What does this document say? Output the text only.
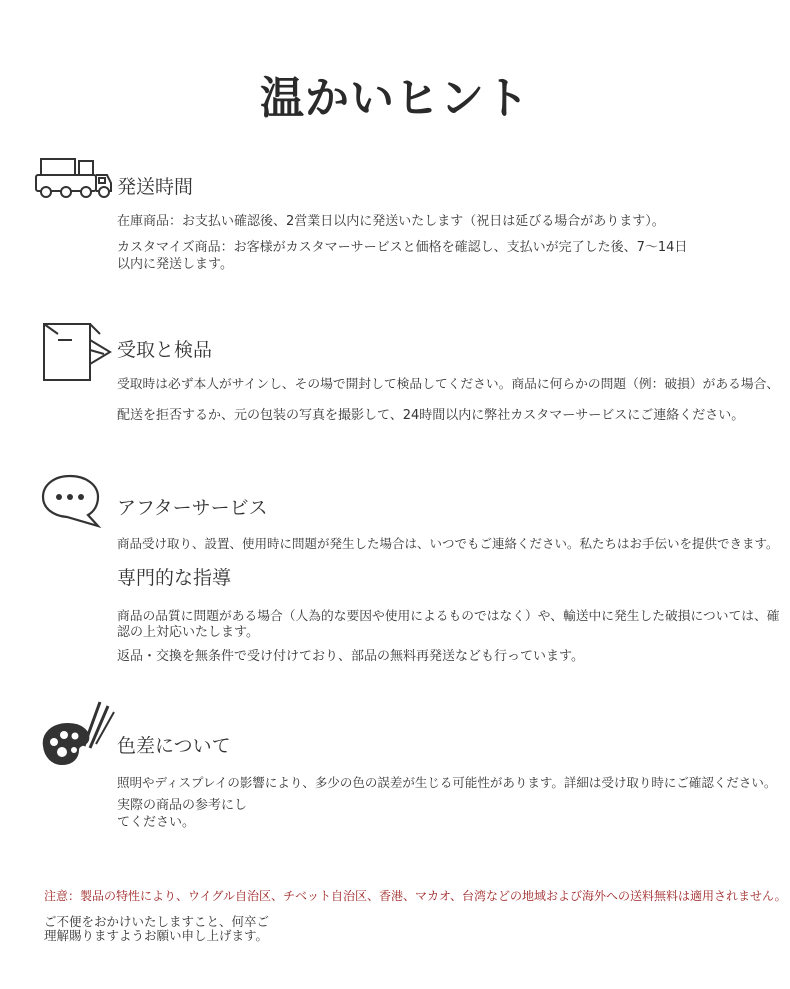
温かいヒント
発送時間
在庫商品：お支払い確認後、2営業日以内に発送いたします（祝日は延びる場合があります）。
カスタマイズ商品：お客様がカスタマーサービスと価格を確認し、支払いが完了した後、7〜14日
以内に発送します。
受取と検品
受取時は必ず本人がサインし、その場で開封して検品してください。商品に何らかの問題（例：破損）がある場合、
配送を拒否するか、元の包装の写真を撮影して、24時間以内に弊社カスタマーサービスにご連絡ください。
アフターサービス
商品受け取り、設置、使用時に問題が発生した場合は、いつでもご連絡ください。私たちはお手伝いを提供できます。
専門的な指導
商品の品質に問題がある場合（人為的な要因や使用によるものではなく）や、輸送中に発生した破損については、確
認の上対応いたします。
返品・交換を無条件で受け付けており、部品の無料再発送なども行っています。
色差について
照明やディスプレイの影響により、多少の色の誤差が生じる可能性があります。詳細は受け取り時にご確認ください。
実際の商品の参考にし
てください。
注意：製品の特性により、ウイグル自治区、チベット自治区、香港、マカオ、台湾などの地域および海外への送料無料は適用されません。
ご不便をおかけいたしますこと、何卒ご
理解賜りますようお願い申し上げます。
